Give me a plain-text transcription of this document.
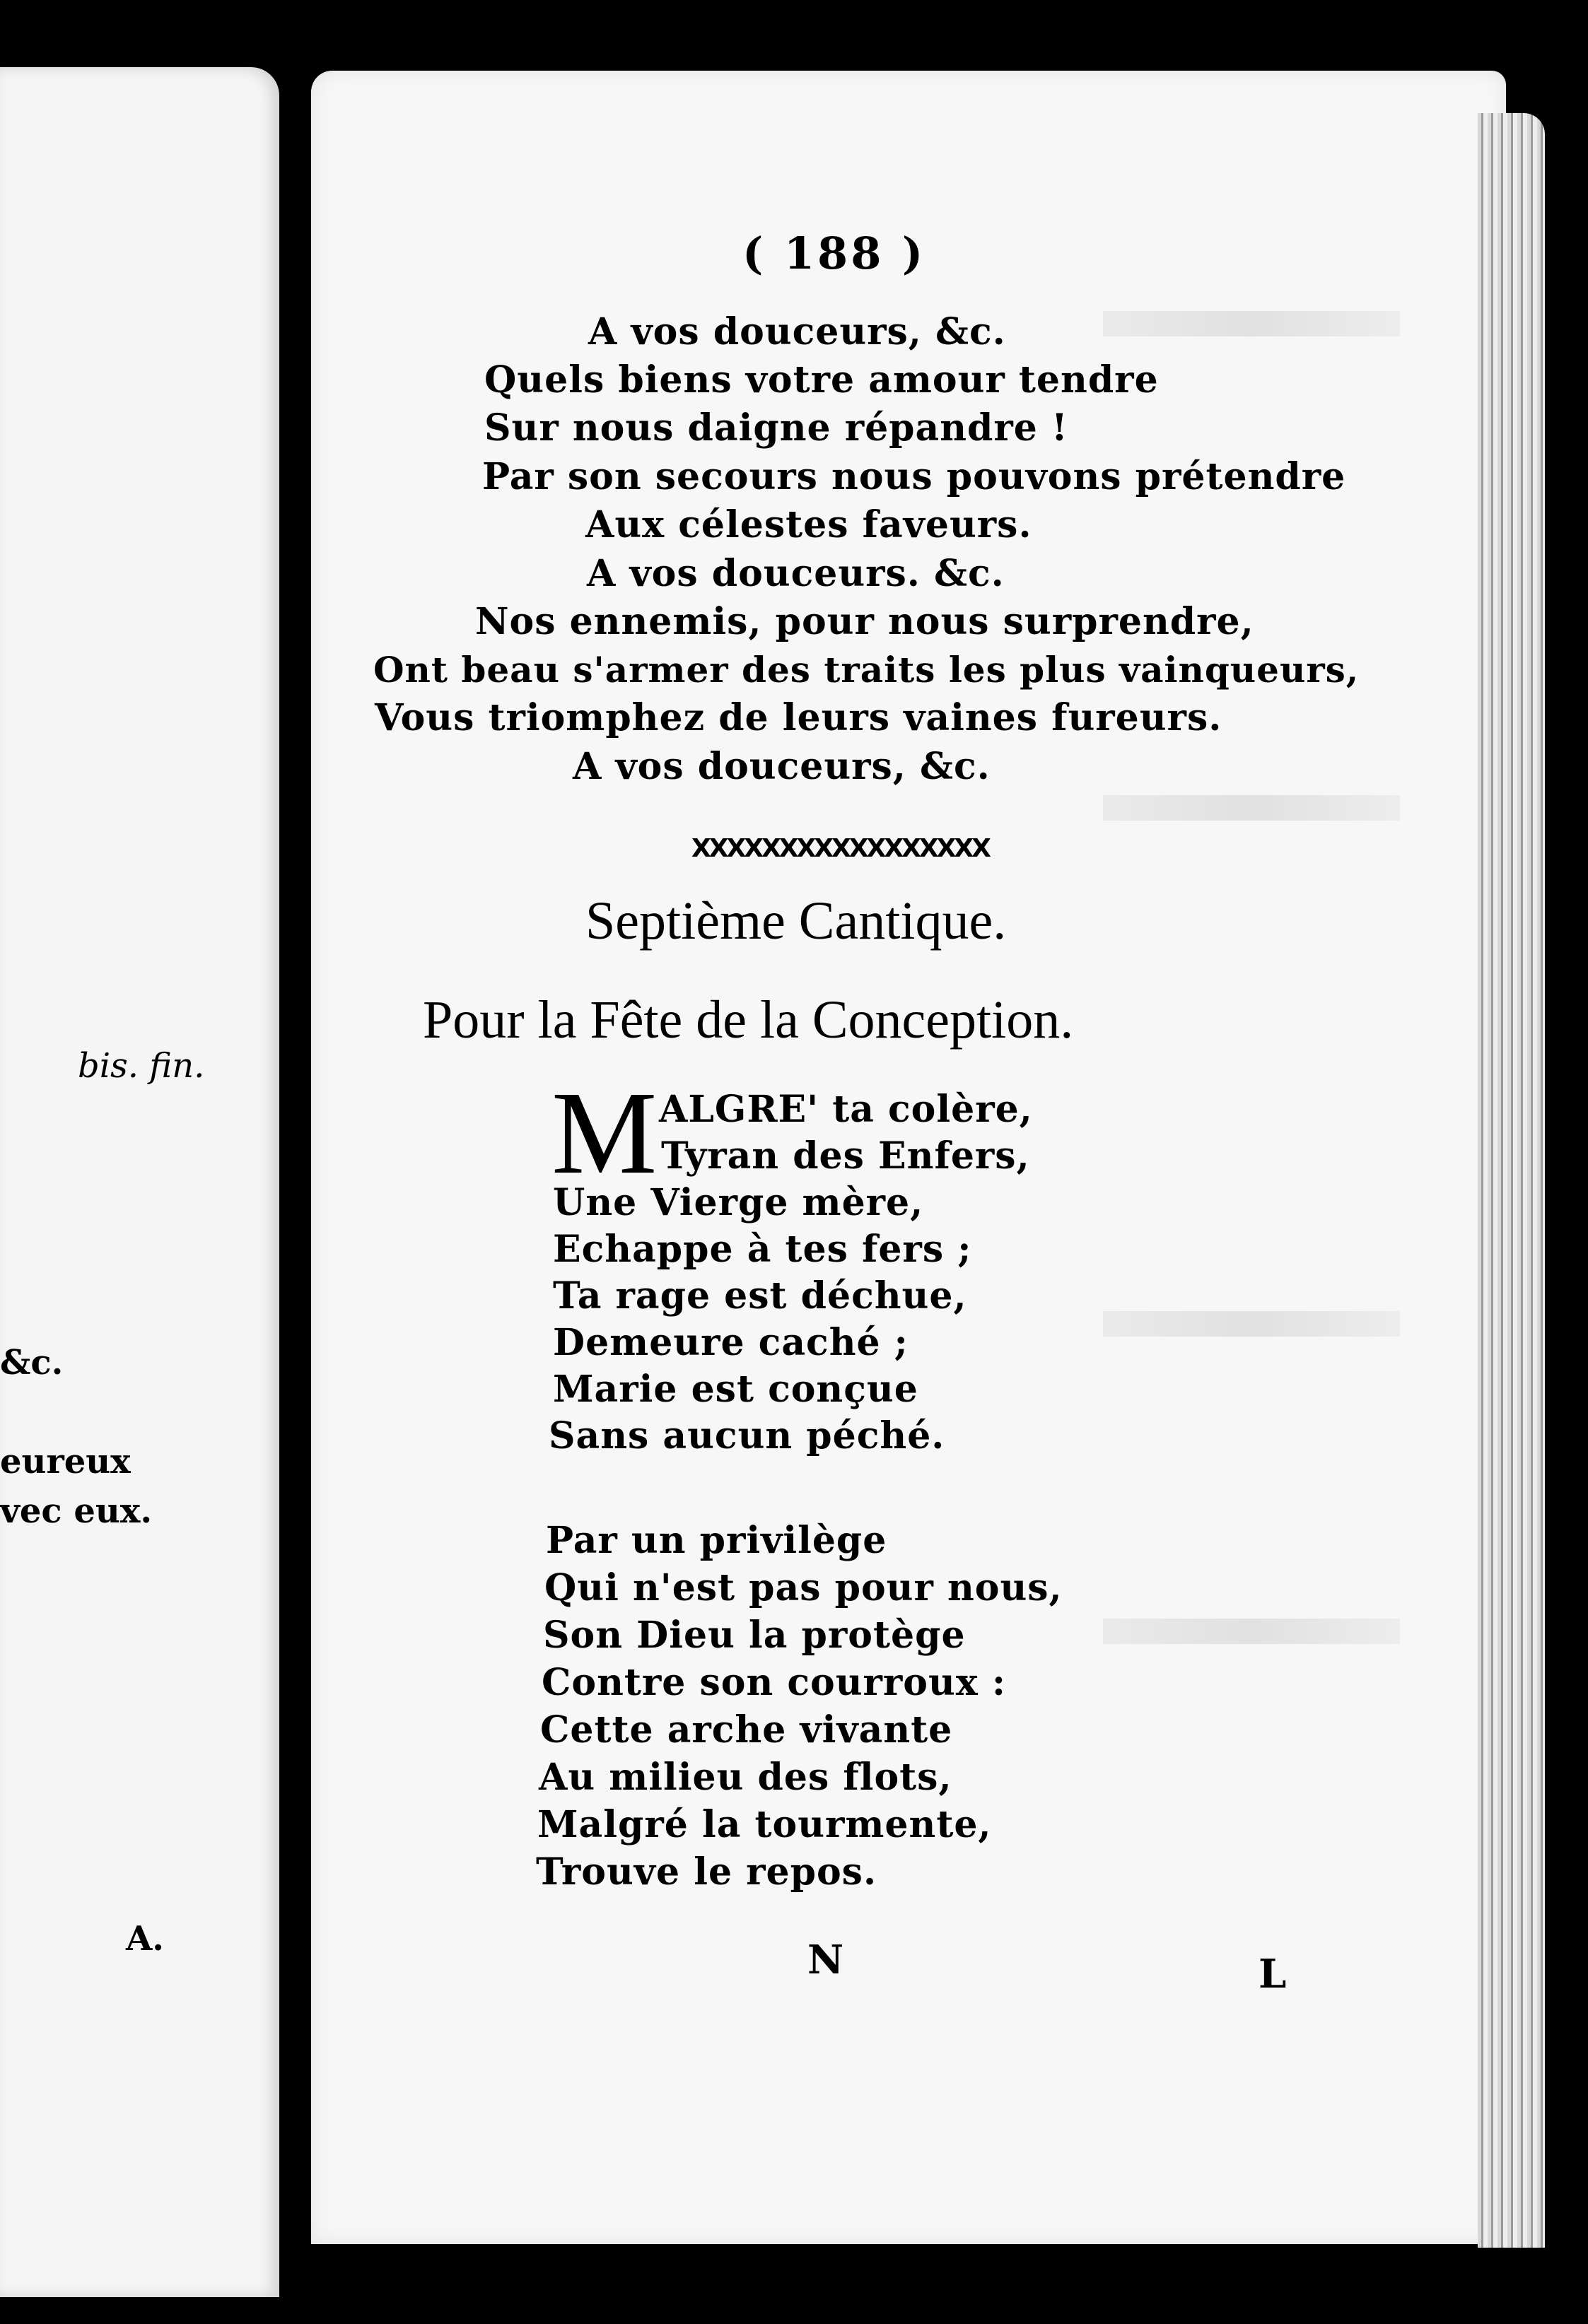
bis. fin.
&c.
eureux
vec eux.
A.
( 188 )
A vos douceurs, &c.
Quels biens votre amour tendre
Sur nous daigne répandre !
Par son secours nous pouvons prétendre
Aux célestes faveurs.
A vos douceurs. &c.
Nos ennemis, pour nous surprendre,
Ont beau s'armer des traits les plus vainqueurs,
Vous triomphez de leurs vaines fureurs.
A vos douceurs, &c.
XXXXXXXXXXXXXXXXX
Septième Cantique.
Pour la Fête de la Conception.
M ALGRE' ta colère,
Tyran des Enfers,
Une Vierge mère,
Echappe à tes fers ;
Ta rage est déchue,
Demeure caché ;
Marie est conçue
Sans aucun péché.
Par un privilège
Qui n'est pas pour nous,
Son Dieu la protège
Contre son courroux :
Cette arche vivante
Au milieu des flots,
Malgré la tourmente,
Trouve le repos.
N	L
